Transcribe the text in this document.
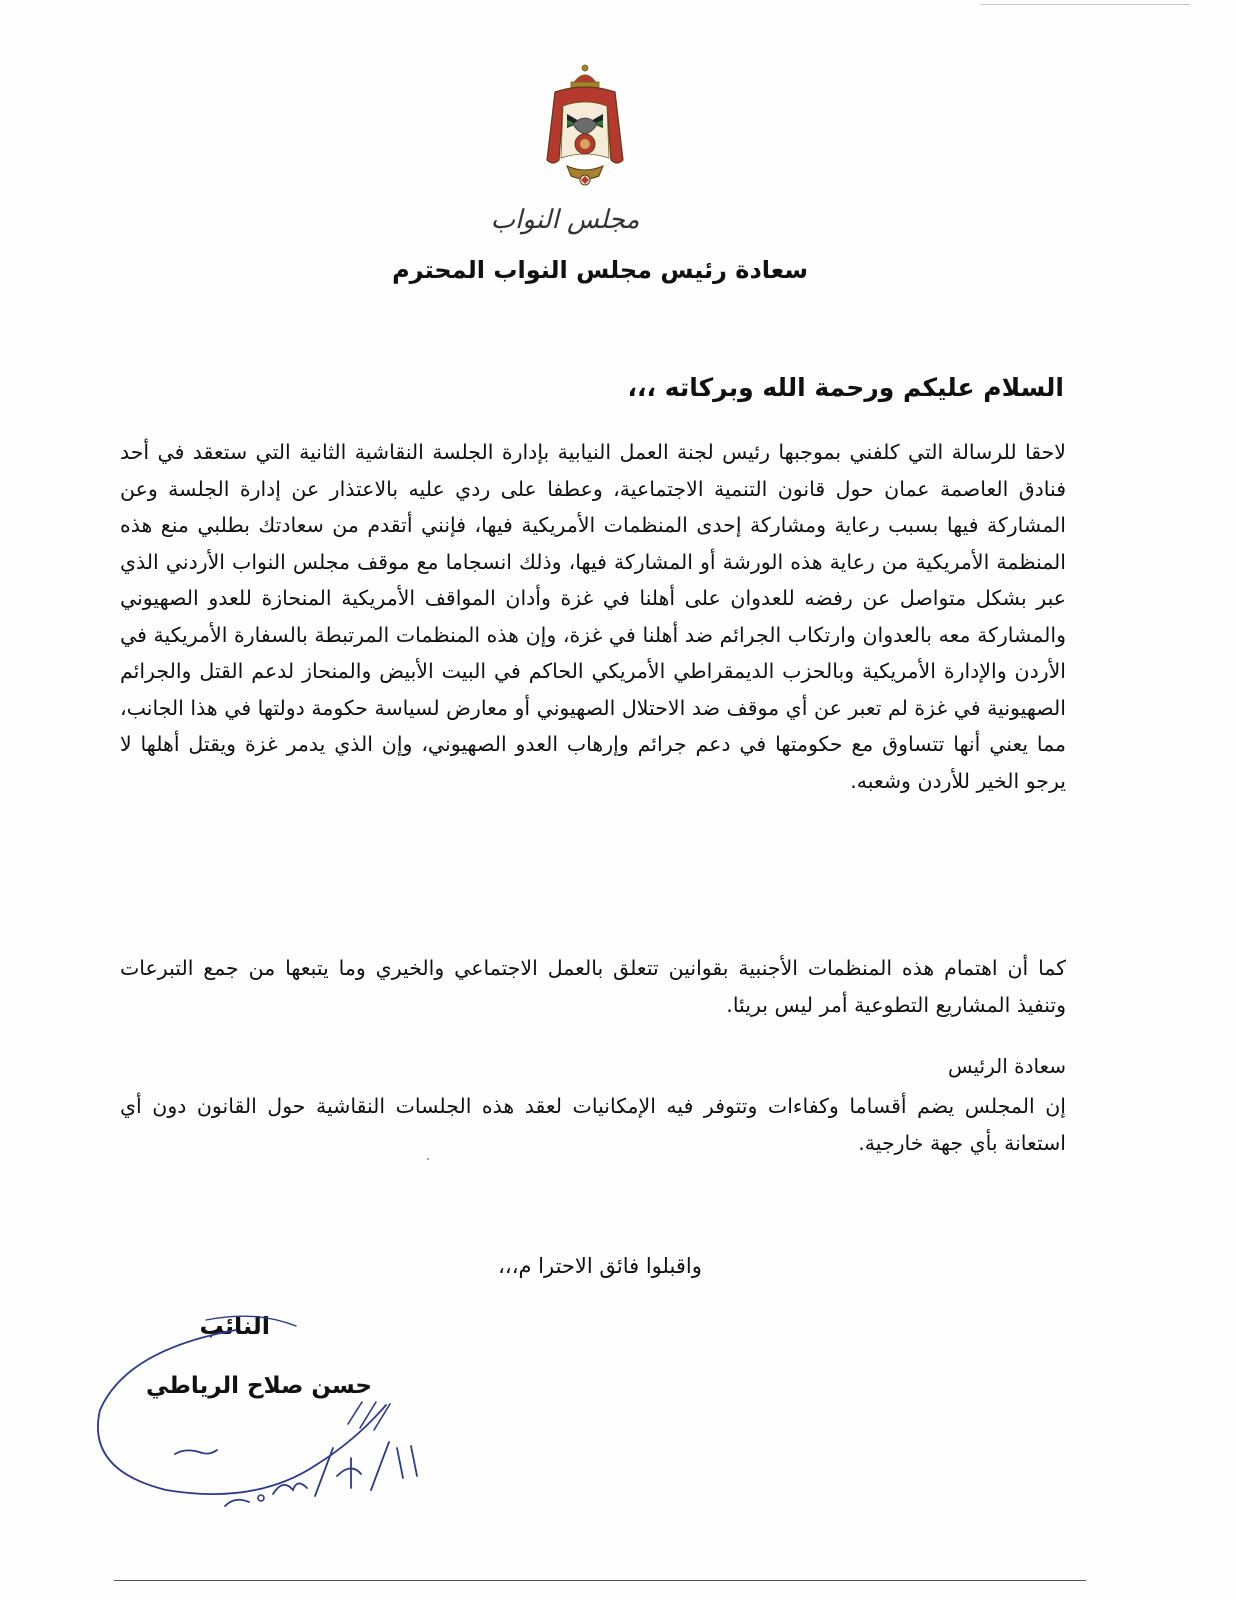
مجلس النواب
سعادة رئيس مجلس النواب المحترم

السلام عليكم ورحمة الله وبركاته ،،،

لاحقا للرسالة التي كلفني بموجبها رئيس لجنة العمل النيابية بإدارة الجلسة النقاشية الثانية التي ستعقد في أحد فنادق العاصمة عمان حول قانون التنمية الاجتماعية، وعطفا على ردي عليه بالاعتذار عن إدارة الجلسة وعن المشاركة فيها بسبب رعاية ومشاركة إحدى المنظمات الأمريكية فيها، فإنني أتقدم من سعادتك بطلبي منع هذه المنظمة الأمريكية من رعاية هذه الورشة أو المشاركة فيها، وذلك انسجاما مع موقف مجلس النواب الأردني الذي عبر بشكل متواصل عن رفضه للعدوان على أهلنا في غزة وأدان المواقف الأمريكية المنحازة للعدو الصهيوني والمشاركة معه بالعدوان وارتكاب الجرائم ضد أهلنا في غزة، وإن هذه المنظمات المرتبطة بالسفارة الأمريكية في الأردن والإدارة الأمريكية وبالحزب الديمقراطي الأمريكي الحاكم في البيت الأبيض والمنحاز لدعم القتل والجرائم الصهيونية في غزة لم تعبر عن أي موقف ضد الاحتلال الصهيوني أو معارض لسياسة حكومة دولتها في هذا الجانب، مما يعني أنها تتساوق مع حكومتها في دعم جرائم وإرهاب العدو الصهيوني، وإن الذي يدمر غزة ويقتل أهلها لا يرجو الخير للأردن وشعبه.

كما أن اهتمام هذه المنظمات الأجنبية بقوانين تتعلق بالعمل الاجتماعي والخيري وما يتبعها من جمع التبرعات وتنفيذ المشاريع التطوعية أمر ليس بريئا.

سعادة الرئيس

إن المجلس يضم أقساما وكفاءات وتتوفر فيه الإمكانيات لعقد هذه الجلسات النقاشية حول القانون دون أي استعانة بأي جهة خارجية.

واقبلوا فائق الاحترا م،،،

النائب

حسن صلاح الرياطي
